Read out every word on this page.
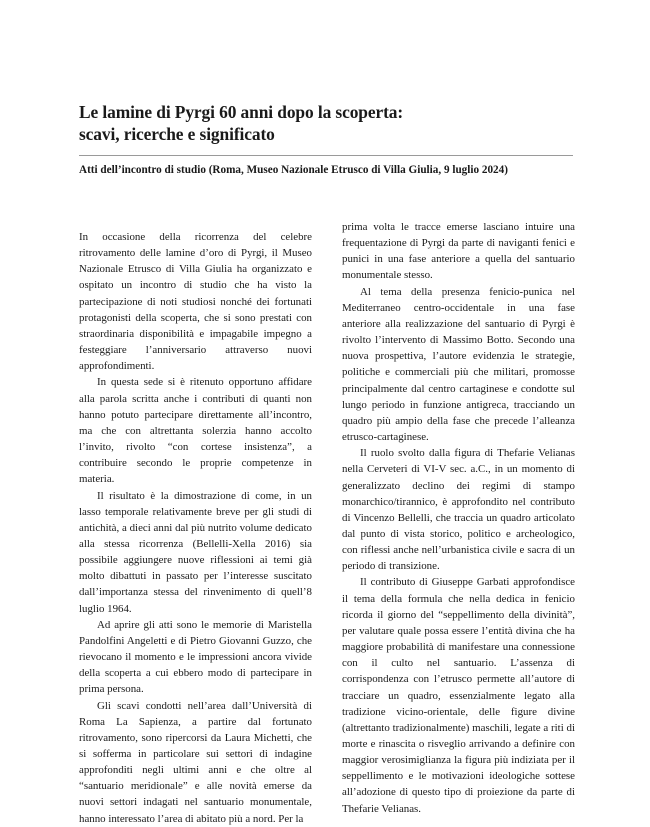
Le lamine di Pyrgi 60 anni dopo la scoperta:
scavi, ricerche e significato

Atti dell’incontro di studio (Roma, Museo Nazionale Etrusco di Villa Giulia, 9 luglio 2024)

In occasione della ricorrenza del celebre ritrovamento delle lamine d’oro di Pyrgi, il Museo Nazionale Etrusco di Villa Giulia ha organizzato e ospitato un incontro di studio che ha visto la partecipazione di noti studiosi nonché dei fortunati protagonisti della scoperta, che si sono prestati con straordinaria disponibilità e impagabile impegno a festeggiare l’anniversario attraverso nuovi approfondimenti.

In questa sede si è ritenuto opportuno affidare alla parola scritta anche i contributi di quanti non hanno potuto partecipare direttamente all’incontro, ma che con altrettanta solerzia hanno accolto l’invito, rivolto “con cortese insistenza”, a contribuire secondo le proprie competenze in materia.

Il risultato è la dimostrazione di come, in un lasso temporale relativamente breve per gli studi di antichità, a dieci anni dal più nutrito volume dedicato alla stessa ricorrenza (Bellelli-Xella 2016) sia possibile aggiungere nuove riflessioni ai temi già molto dibattuti in passato per l’interesse suscitato dall’importanza stessa del rinvenimento di quell’8 luglio 1964.

Ad aprire gli atti sono le memorie di Maristella Pandolfini Angeletti e di Pietro Giovanni Guzzo, che rievocano il momento e le impressioni ancora vivide della scoperta a cui ebbero modo di partecipare in prima persona.

Gli scavi condotti nell’area dall’Università di Roma La Sapienza, a partire dal fortunato ritrovamento, sono ripercorsi da Laura Michetti, che si sofferma in particolare sui settori di indagine approfonditi negli ultimi anni e che oltre al “santuario meridionale” e alle novità emerse da nuovi settori indagati nel santuario monumentale, hanno interessato l’area di abitato più a nord. Per la

prima volta le tracce emerse lasciano intuire una frequentazione di Pyrgi da parte di naviganti fenici e punici in una fase anteriore a quella del santuario monumentale stesso.

Al tema della presenza fenicio-punica nel Mediterraneo centro-occidentale in una fase anteriore alla realizzazione del santuario di Pyrgi è rivolto l’intervento di Massimo Botto. Secondo una nuova prospettiva, l’autore evidenzia le strategie, politiche e commerciali più che militari, promosse principalmente dal centro cartaginese e condotte sul lungo periodo in funzione antigreca, tracciando un quadro più ampio della fase che precede l’alleanza etrusco-cartaginese.

Il ruolo svolto dalla figura di Thefarie Velianas nella Cerveteri di VI-V sec. a.C., in un momento di generalizzato declino dei regimi di stampo monarchico/tirannico, è approfondito nel contributo di Vincenzo Bellelli, che traccia un quadro articolato dal punto di vista storico, politico e archeologico, con riflessi anche nell’urbanistica civile e sacra di un periodo di transizione.

Il contributo di Giuseppe Garbati approfondisce il tema della formula che nella dedica in fenicio ricorda il giorno del “seppellimento della divinità”, per valutare quale possa essere l’entità divina che ha maggiore probabilità di manifestare una connessione con il culto nel santuario. L’assenza di corrispondenza con l’etrusco permette all’autore di tracciare un quadro, essenzialmente legato alla tradizione vicino-orientale, delle figure divine (altrettanto tradizionalmente) maschili, legate a riti di morte e rinascita o risveglio arrivando a definire con maggior verosimiglianza la figura più indiziata per il seppellimento e le motivazioni ideologiche sottese all’adozione di questo tipo di proiezione da parte di Thefarie Velianas.
